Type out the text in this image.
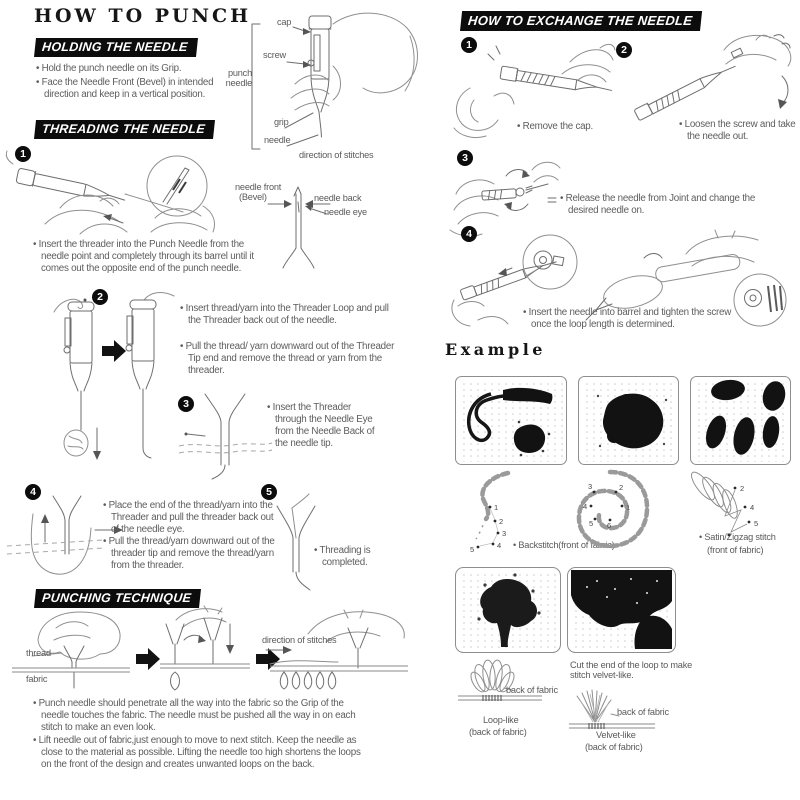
HOW TO PUNCH
HOLDING THE NEEDLE
• Hold the punch needle on its Grip.
• Face the Needle Front (Bevel) in intended direction and keep in a vertical position.
THREADING THE NEEDLE
punch needle
cap
screw
grip
needle
direction of stitches
1
needle front
(Bevel)	needle back
needle eye
• Insert the threader into the Punch Needle from the needle point and completely through its barrel until it comes out the opposite end of the punch needle.
2
• Insert thread/yarn into the Threader Loop and pull the Threader back out of the needle.
• Pull the thread/ yarn downward out of the Threader Tip end and remove the thread or yarn from the threader.
3	• Insert the Threader through the Needle Eye from the Needle Back of the needle tip.
4
• Place the end of the thread/yarn into the Threader and pull the threader back out of the needle eye.
• Pull the thread/yarn downward out of the threader tip and remove the thread/yarn from the threader.
5
• Threading is completed.
PUNCHING TECHNIQUE
thread
fabric
direction of stitches
• Punch needle should penetrate all the way into the fabric so the Grip of the needle touches the fabric. The needle must be pushed all the way in on each stitch to make an even look.
• Lift needle out of fabric,just enough to move to next stitch. Keep the needle as close to the material as possible. Lifting the needle too high shortens the loops on the front of the design and creates unwanted loops on the back.
HOW TO EXCHANGE THE NEEDLE
1
• Remove the cap.
2
• Loosen the screw and take the needle out.
3
• Release the needle from Joint and change the desired needle on.
4
• Insert the needle into barrel and tighten the screw once the loop length is determined.
Example
1
2
3
4
5	• Backstitch(front of fabric)
3	2
4	1
5 6
2
4
5
• Satin/Zigzag stitch
(front of fabric)
Cut the end of the loop to make stitch velvet-like.
back of fabric
Loop-like
(back of fabric)
back of fabric
Velvet-like
(back of fabric)
